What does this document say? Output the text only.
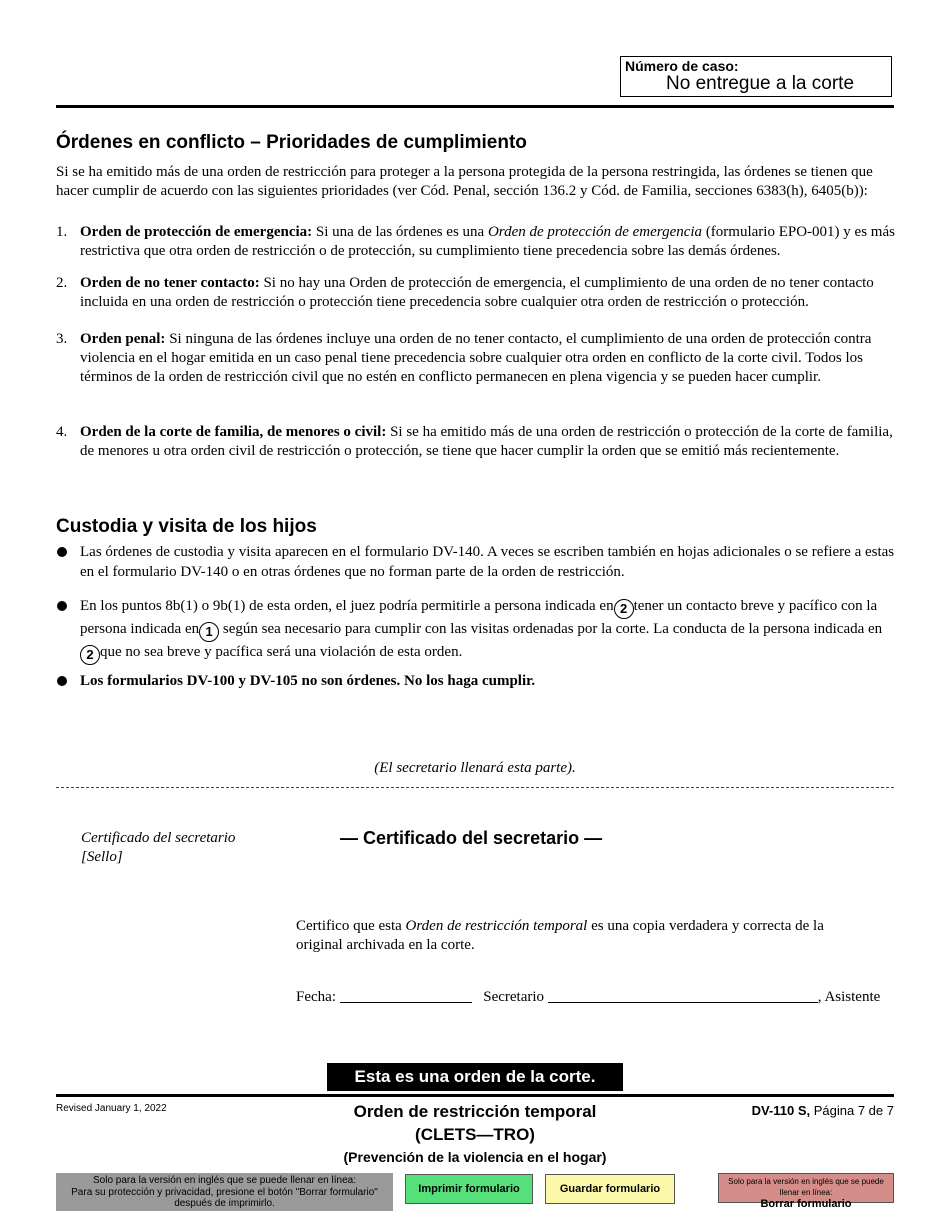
Número de caso:
No entregue a la corte
Órdenes en conflicto – Prioridades de cumplimiento
Si se ha emitido más de una orden de restricción para proteger a la persona protegida de la persona restringida, las órdenes se tienen que hacer cumplir de acuerdo con las siguientes prioridades (ver Cód. Penal, sección 136.2 y Cód. de Familia, secciones 6383(h), 6405(b)):
1. Orden de protección de emergencia: Si una de las órdenes es una Orden de protección de emergencia (formulario EPO-001) y es más restrictiva que otra orden de restricción o de protección, su cumplimiento tiene precedencia sobre las demás órdenes.
2. Orden de no tener contacto: Si no hay una Orden de protección de emergencia, el cumplimiento de una orden de no tener contacto incluida en una orden de restricción o protección tiene precedencia sobre cualquier otra orden de restricción o protección.
3. Orden penal: Si ninguna de las órdenes incluye una orden de no tener contacto, el cumplimiento de una orden de protección contra violencia en el hogar emitida en un caso penal tiene precedencia sobre cualquier otra orden en conflicto de la corte civil. Todos los términos de la orden de restricción civil que no estén en conflicto permanecen en plena vigencia y se pueden hacer cumplir.
4. Orden de la corte de familia, de menores o civil: Si se ha emitido más de una orden de restricción o protección de la corte de familia, de menores u otra orden civil de restricción o protección, se tiene que hacer cumplir la orden que se emitió más recientemente.
Custodia y visita de los hijos
Las órdenes de custodia y visita aparecen en el formulario DV-140. A veces se escriben también en hojas adicionales o se refiere a estas en el formulario DV-140 o en otras órdenes que no forman parte de la orden de restricción.
En los puntos 8b(1) o 9b(1) de esta orden, el juez podría permitirle a persona indicada en 2 tener un contacto breve y pacífico con la persona indicada en 1 según sea necesario para cumplir con las visitas ordenadas por la corte. La conducta de la persona indicada en2 que no sea breve y pacífica será una violación de esta orden.
Los formularios DV-100 y DV-105 no son órdenes. No los haga cumplir.
(El secretario llenará esta parte).
Certificado del secretario
[Sello]
— Certificado del secretario —
Certifico que esta Orden de restricción temporal es una copia verdadera y correcta de la original archivada en la corte.
Fecha:	Secretario	, Asistente
Esta es una orden de la corte.
Revised January 1, 2022	Orden de restricción temporal
(CLETS—TRO)
(Prevención de la violencia en el hogar)
DV-110 S, Página 7 de 7
Solo para la versión en inglés que se puede llenar en línea:
Para su protección y privacidad, presione el botón "Borrar formulario"
después de imprimirlo.
Imprimir formulario	Guardar formulario
Solo para la versión en inglés que se puede llenar en línea:
Borrar formulario
